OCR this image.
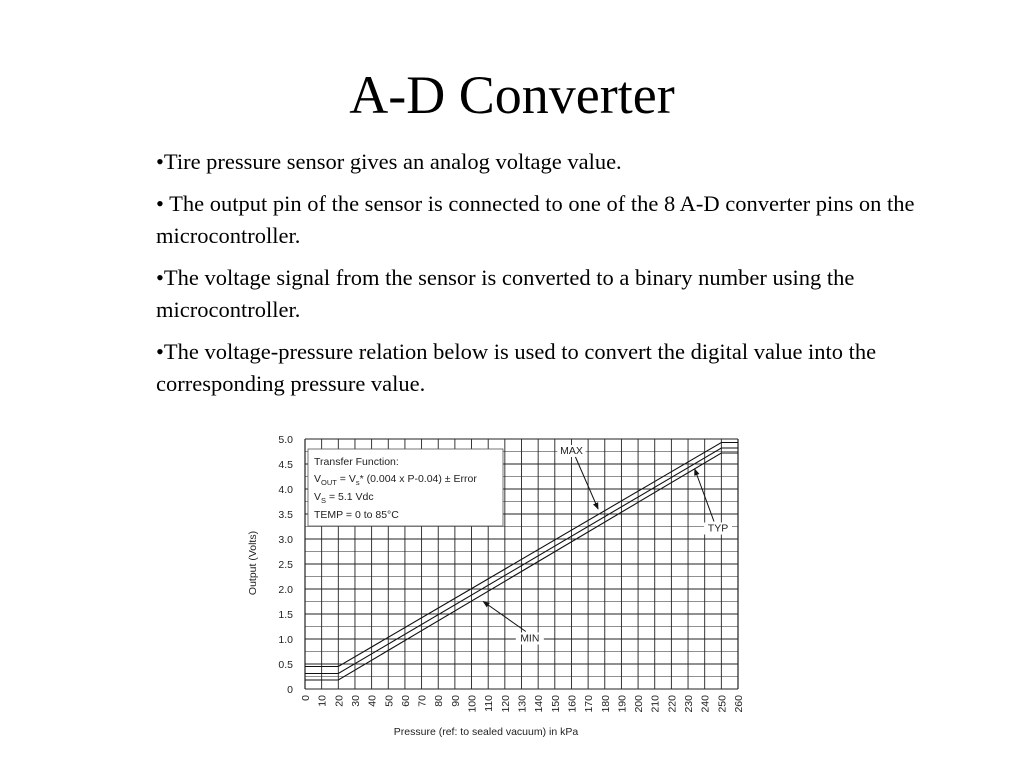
A-D Converter
•Tire pressure sensor gives an analog voltage value.
• The output pin of the sensor is connected to one of the 8 A-D converter pins on the microcontroller.
•The voltage signal from the sensor is converted to a binary number using the microcontroller.
•The voltage-pressure relation below is used to convert the digital value into the corresponding pressure value.
0 10 20 30 40 50 60 70 80 90 100 110 120 130 140 150 160 170 180 190 200 210 220 230 240 250 260
0
0.5
1.0
1.5
2.0
2.5
3.0
3.5
4.0
4.5
5.0
MAX
TYP
MIN
Transfer Function:
$V_{OUT} = V_s*$ (0.004 x P-0.04) ± Error
$V_S = 5.1$ Vdc
TEMP = 0 to 85°C
Pressure (ref: to sealed vacuum) in kPa
Output (Volts)
